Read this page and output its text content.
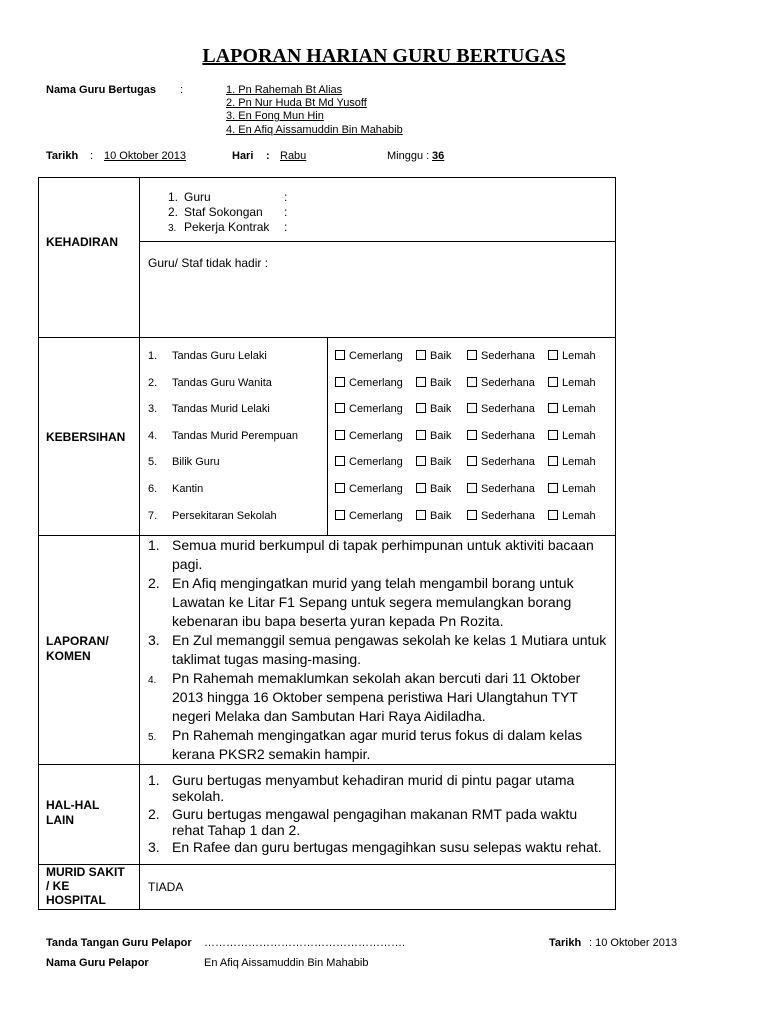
LAPORAN HARIAN GURU BERTUGAS
Nama Guru Bertugas :	1. Pn Rahemah Bt Alias
2. Pn Nur Huda Bt Md Yusoff
3. En Fong Mun Hin
4. En Afiq Aissamuddin Bin Mahabib
Tarikh : 10 Oktober 2013	Hari : Rabu	Minggu : 36
KEHADIRAN
1. Guru	:
2. Staf Sokongan :
3. Pekerja Kontrak :
Guru/ Staf tidak hadir :
KEBERSIHAN
1. Tandas Guru Lelaki	Cemerlang	Baik	Sederhana	Lemah
2. Tandas Guru Wanita	Cemerlang	Baik	Sederhana	Lemah
3. Tandas Murid Lelaki	Cemerlang	Baik	Sederhana	Lemah
4. Tandas Murid Perempuan	Cemerlang	Baik	Sederhana	Lemah
5. Bilik Guru	Cemerlang	Baik	Sederhana	Lemah
6. Kantin	Cemerlang	Baik	Sederhana	Lemah
7. Persekitaran Sekolah	Cemerlang	Baik	Sederhana	Lemah
LAPORAN/
KOMEN
1. Semua murid berkumpul di tapak perhimpunan untuk aktiviti bacaan pagi.
2. En Afiq mengingatkan murid yang telah mengambil borang untuk Lawatan ke Litar F1 Sepang untuk segera memulangkan borang kebenaran ibu bapa beserta yuran kepada Pn Rozita.
3. En Zul memanggil semua pengawas sekolah ke kelas 1 Mutiara untuk taklimat tugas masing-masing.
4. Pn Rahemah memaklumkan sekolah akan bercuti dari 11 Oktober 2013 hingga 16 Oktober sempena peristiwa Hari Ulangtahun TYT negeri Melaka dan Sambutan Hari Raya Aidiladha.
5. Pn Rahemah mengingatkan agar murid terus fokus di dalam kelas kerana PKSR2 semakin hampir.
HAL-HAL
LAIN
1. Guru bertugas menyambut kehadiran murid di pintu pagar utama sekolah.
2. Guru bertugas mengawal pengagihan makanan RMT pada waktu rehat Tahap 1 dan 2.
3. En Rafee dan guru bertugas mengagihkan susu selepas waktu rehat.
MURID SAKIT
/ KE
HOSPITAL
TIADA
Tanda Tangan Guru Pelapor ……………………………………………….	Tarikh : 10 Oktober 2013
Nama Guru Pelapor	En Afiq Aissamuddin Bin Mahabib
